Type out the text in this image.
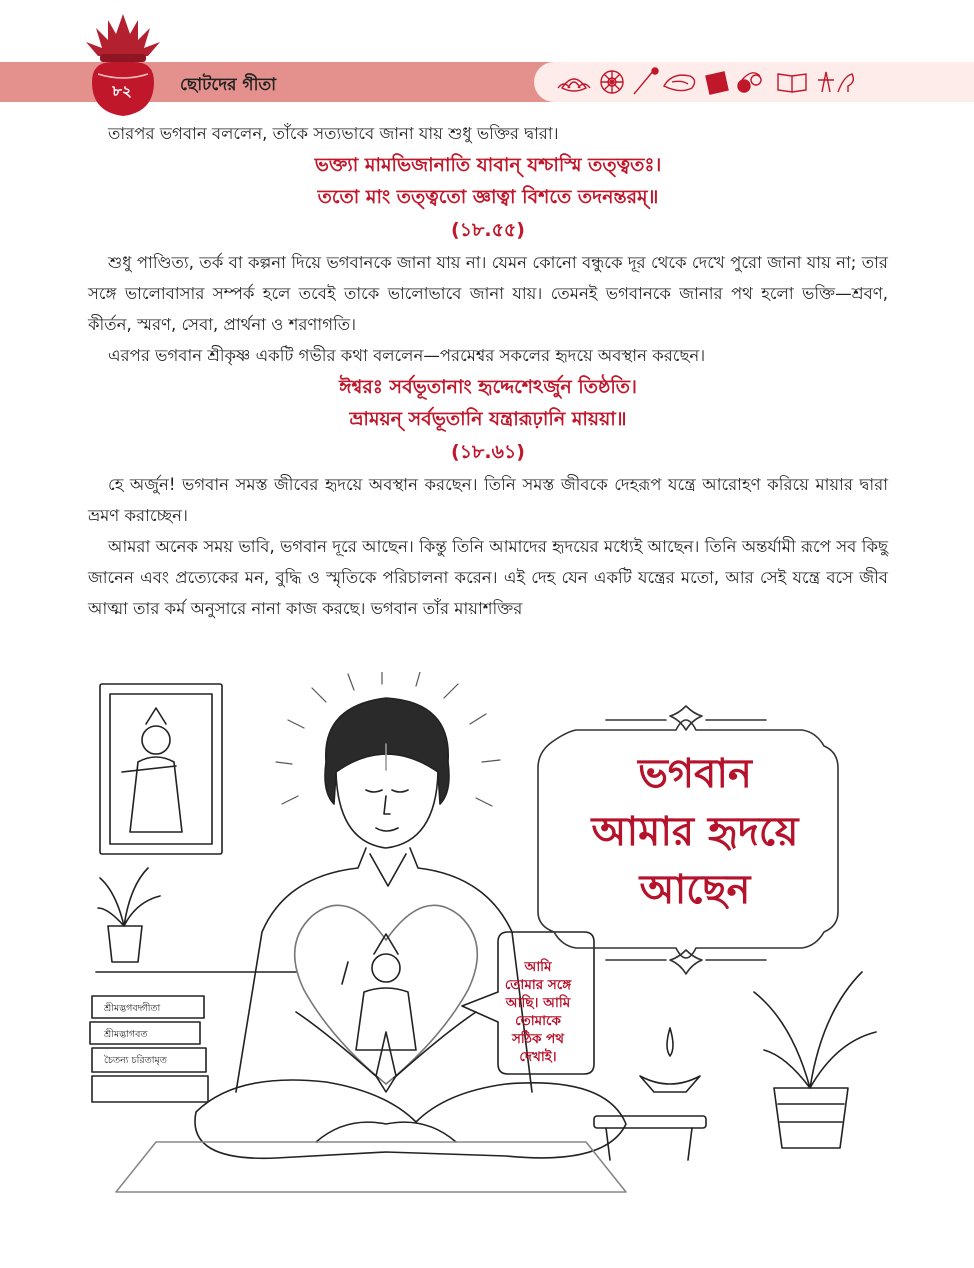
৮২	ছোটদের গীতা

তারপর ভগবান বললেন, তাঁকে সত্যভাবে জানা যায় শুধু ভক্তির দ্বারা।

ভক্ত্যা মামভিজানাতি যাবান্ যশ্চাস্মি তত্ত্বতঃ।

ততো মাং তত্ত্বতো জ্ঞাত্বা বিশতে তদনন্তরম্॥

(১৮.৫৫)

শুধু পাণ্ডিত্য, তর্ক বা কল্পনা দিয়ে ভগবানকে জানা যায় না। যেমন কোনো বন্ধুকে দূর থেকে দেখে পুরো জানা যায় না; তার সঙ্গে ভালোবাসার সম্পর্ক হলে তবেই তাকে ভালোভাবে জানা যায়। তেমনই ভগবানকে জানার পথ হলো ভক্তি—শ্রবণ, কীর্তন, স্মরণ, সেবা, প্রার্থনা ও শরণাগতি।

এরপর ভগবান শ্রীকৃষ্ণ একটি গভীর কথা বললেন—পরমেশ্বর সকলের হৃদয়ে অবস্থান করছেন।

ঈশ্বরঃ সর্বভূতানাং হৃদ্দেশেঽর্জুন তিষ্ঠতি।

ভ্রাময়ন্ সর্বভূতানি যন্ত্রারূঢ়ানি মায়য়া॥

(১৮.৬১)

হে অর্জুন! ভগবান সমস্ত জীবের হৃদয়ে অবস্থান করছেন। তিনি সমস্ত জীবকে দেহরূপ যন্ত্রে আরোহণ করিয়ে মায়ার দ্বারা ভ্রমণ করাচ্ছেন।

আমরা অনেক সময় ভাবি, ভগবান দূরে আছেন। কিন্তু তিনি আমাদের হৃদয়ের মধ্যেই আছেন। তিনি অন্তর্যামী রূপে সব কিছু জানেন এবং প্রত্যেকের মন, বুদ্ধি ও স্মৃতিকে পরিচালনা করেন। এই দেহ যেন একটি যন্ত্রের মতো, আর সেই যন্ত্রে বসে জীব আত্মা তার কর্ম অনুসারে নানা কাজ করছে। ভগবান তাঁর মায়াশক্তির

ভগবান
আমার হৃদয়ে
আছেন
আমি
তোমার সঙ্গে
আছি। আমি
তোমাকে
সঠিক পথ
দেখাই।
শ্রীমদ্ভগবদ্গীতা
শ্রীমদ্ভাগবত
চৈতন্য চরিতামৃত
